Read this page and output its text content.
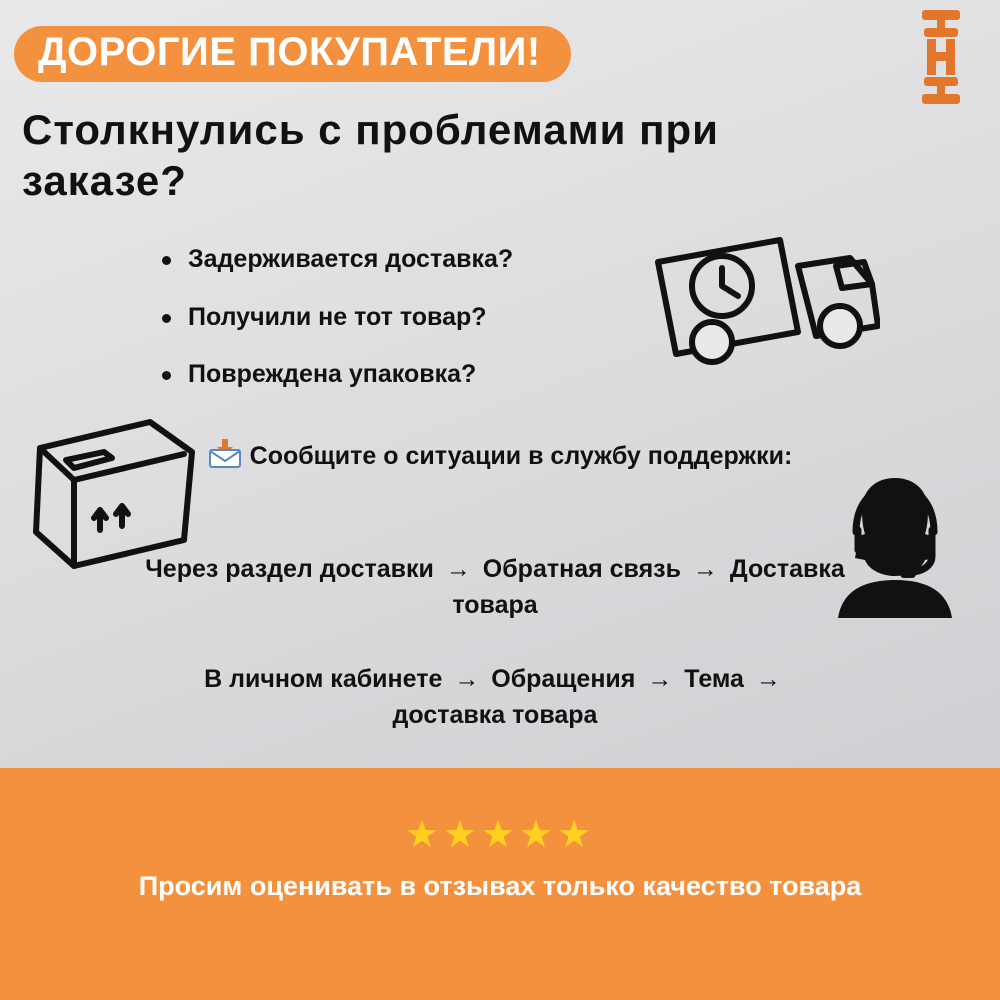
ДОРОГИЕ ПОКУПАТЕЛИ!
Столкнулись с проблемами при заказе?
Задерживается доставка?
Получили не тот товар?
Повреждена упаковка?
Сообщите о ситуации в службу поддержки:
Через раздел доставки → Обратная связь → Доставка товара
В личном кабинете → Обращения → Тема → доставка товара
★★★★★
Просим оценивать в отзывах только качество товара
